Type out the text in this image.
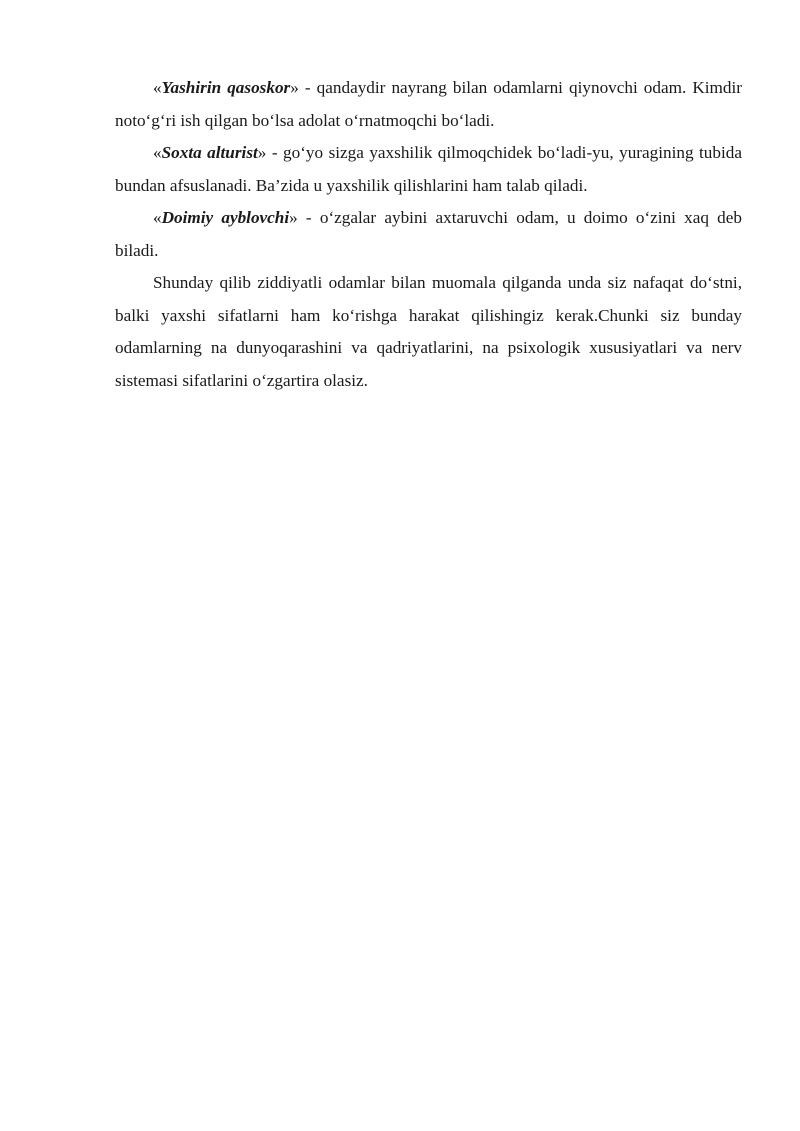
«Yashirin qasoskor» - qandaydir nayrang bilan odamlarni qiynovchi odam. Kimdir noto‘g‘ri ish qilgan bo‘lsa adolat o‘rnatmoqchi bo‘ladi.

«Soxta alturist» - go‘yo sizga yaxshilik qilmoqchidek bo‘ladi-yu, yuragining tubida bundan afsuslanadi. Ba’zida u yaxshilik qilishlarini ham talab qiladi.

«Doimiy ayblovchi» - o‘zgalar aybini axtaruvchi odam, u doimo o‘zini xaq deb biladi.

Shunday qilib ziddiyatli odamlar bilan muomala qilganda unda siz nafaqat do‘stni, balki yaxshi sifatlarni ham ko‘rishga harakat qilishingiz kerak.Chunki siz bunday odamlarning na dunyoqarashini va qadriyatlarini, na psixologik xususiyatlari va nerv sistemasi sifatlarini o‘zgartira olasiz.
